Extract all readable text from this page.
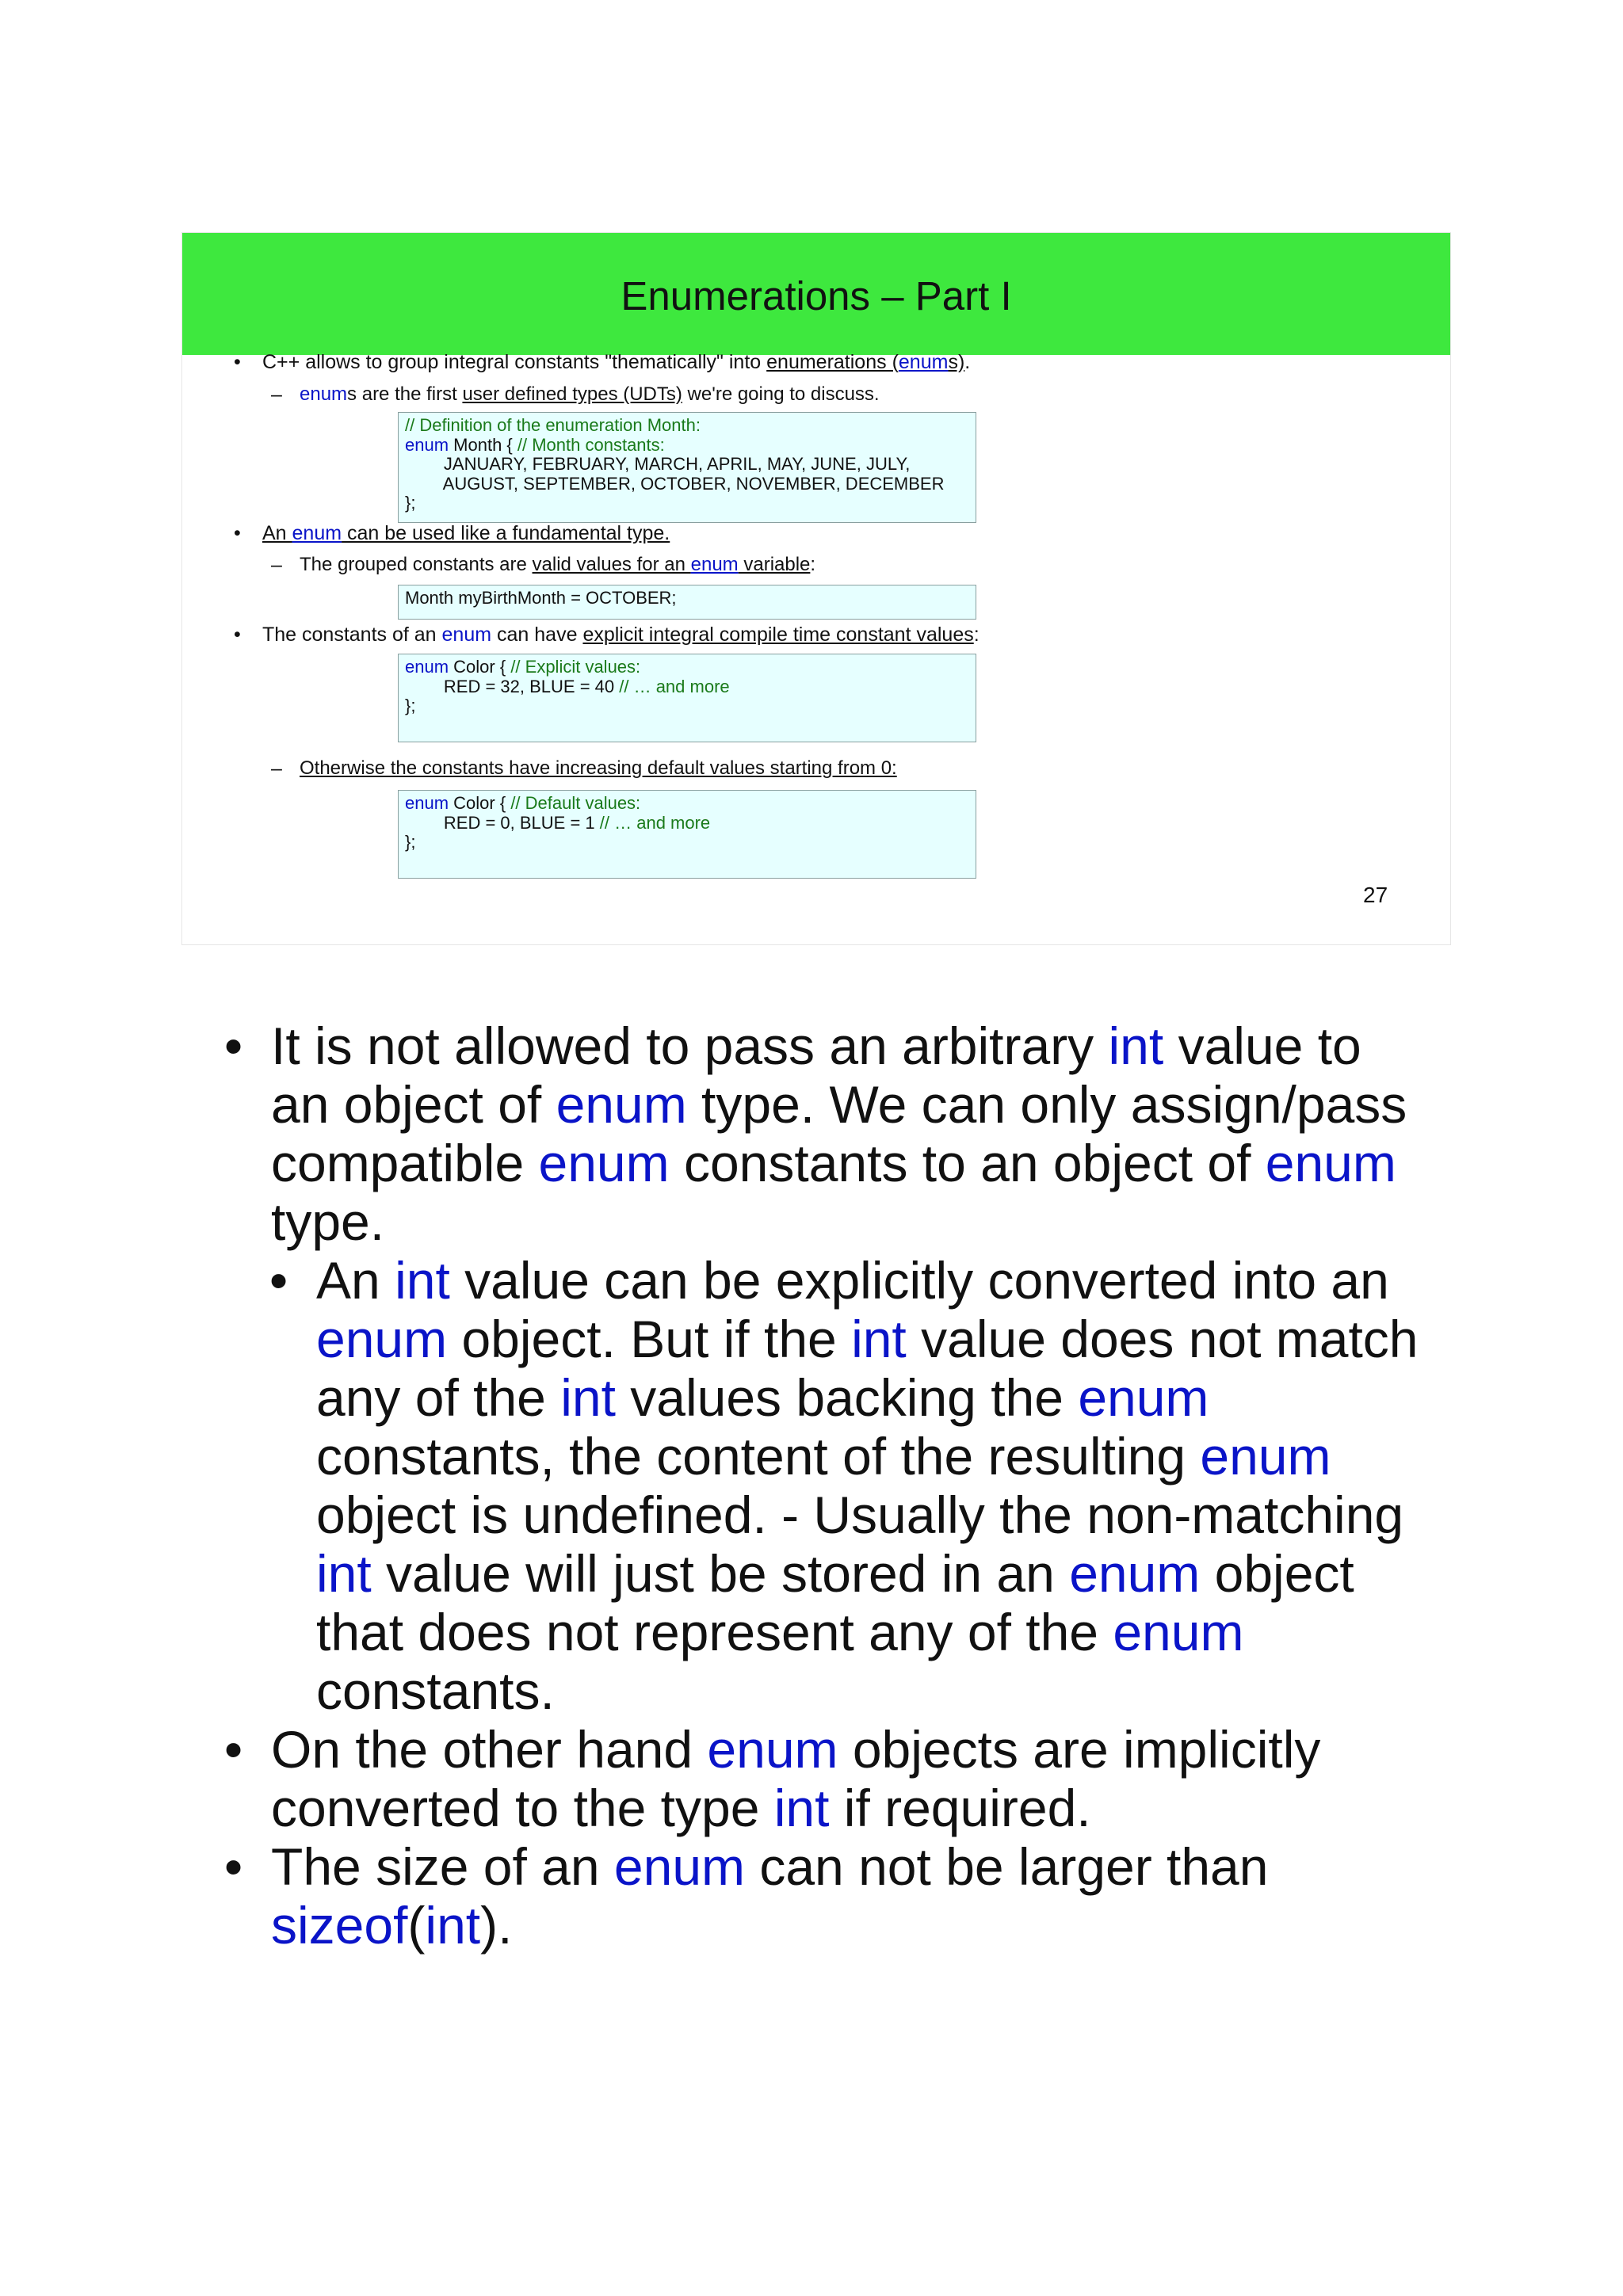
Enumerations – Part I
• C++ allows to group integral constants "thematically" into enumerations (enums).
– enums are the first user defined types (UDTs) we're going to discuss.
// Definition of the enumeration Month:
enum Month { // Month constants:
JANUARY, FEBRUARY, MARCH, APRIL, MAY, JUNE, JULY,
AUGUST, SEPTEMBER, OCTOBER, NOVEMBER, DECEMBER
};
• An enum can be used like a fundamental type.
– The grouped constants are valid values for an enum variable:
Month myBirthMonth = OCTOBER;
• The constants of an enum can have explicit integral compile time constant values:
enum Color { // Explicit values:
RED = 32, BLUE = 40 // … and more
};
– Otherwise the constants have increasing default values starting from 0:
enum Color { // Default values:
RED = 0, BLUE = 1 // … and more
};
27
• It is not allowed to pass an arbitrary int value to
an object of enum type. We can only assign/pass
compatible enum constants to an object of enum
type.
• An int value can be explicitly converted into an
enum object. But if the int value does not match
any of the int values backing the enum
constants, the content of the resulting enum
object is undefined. - Usually the non-matching
int value will just be stored in an enum object
that does not represent any of the enum
constants.
• On the other hand enum objects are implicitly
converted to the type int if required.
• The size of an enum can not be larger than
sizeof(int).
